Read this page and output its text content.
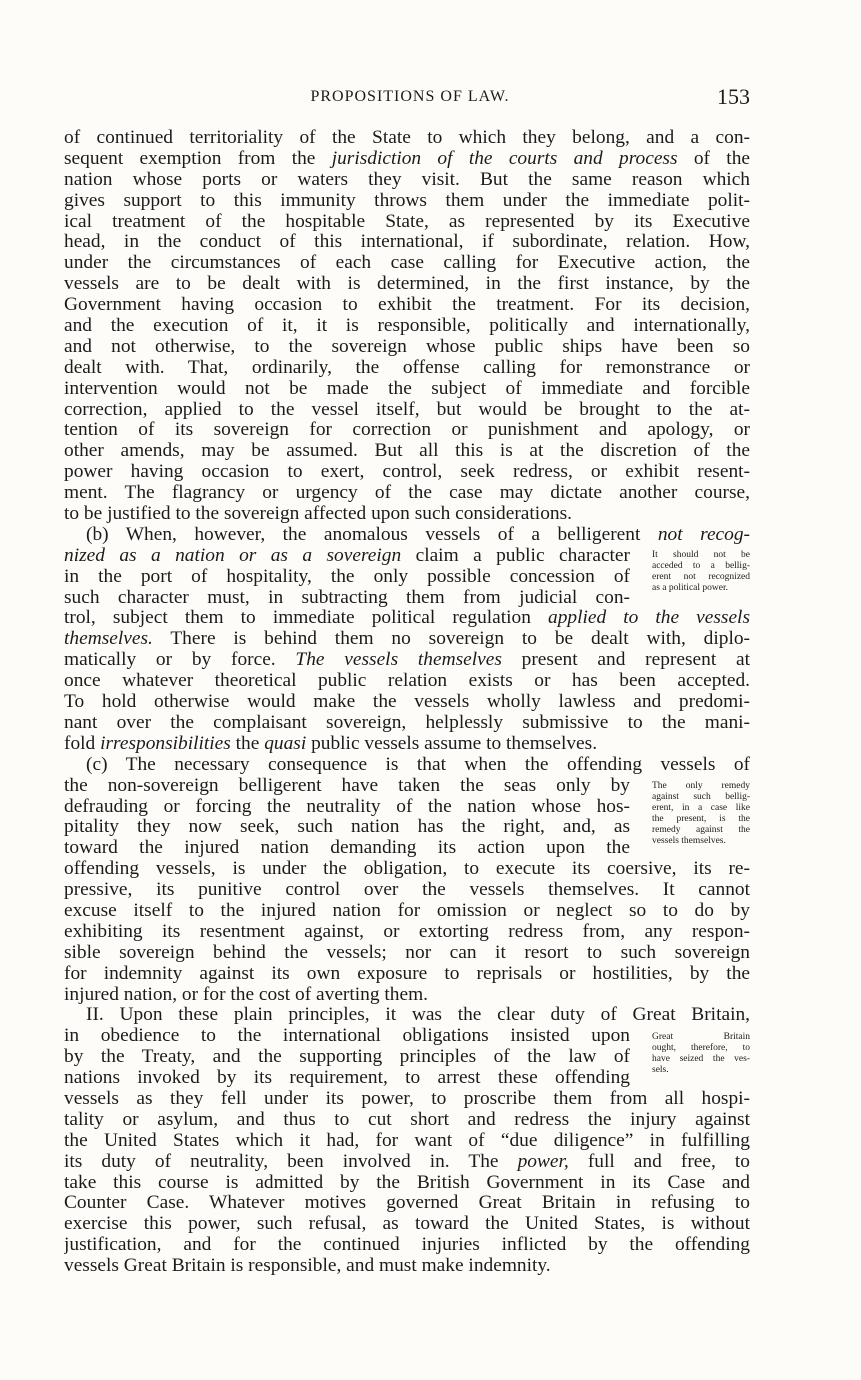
PROPOSITIONS OF LAW.	153
of continued territoriality of the State to which they belong, and a con-
sequent exemption from the jurisdiction of the courts and process of the
nation whose ports or waters they visit. But the same reason which
gives support to this immunity throws them under the immediate polit-
ical treatment of the hospitable State, as represented by its Executive
head, in the conduct of this international, if subordinate, relation. How,
under the circumstances of each case calling for Executive action, the
vessels are to be dealt with is determined, in the first instance, by the
Government having occasion to exhibit the treatment. For its decision,
and the execution of it, it is responsible, politically and internationally,
and not otherwise, to the sovereign whose public ships have been so
dealt with. That, ordinarily, the offense calling for remonstrance or
intervention would not be made the subject of immediate and forcible
correction, applied to the vessel itself, but would be brought to the at-
tention of its sovereign for correction or punishment and apology, or
other amends, may be assumed. But all this is at the discretion of the
power having occasion to exert, control, seek redress, or exhibit resent-
ment. The flagrancy or urgency of the case may dictate another course,
to be justified to the sovereign affected upon such considerations.
(b) When, however, the anomalous vessels of a belligerent not recog-
nized as a nation or as a sovereign claim a public character
in the port of hospitality, the only possible concession of
such character must, in subtracting them from judicial con-
It should not be
acceded to a bellig-
erent not recognized
as a political power.
trol, subject them to immediate political regulation applied to the vessels
themselves. There is behind them no sovereign to be dealt with, diplo-
matically or by force. The vessels themselves present and represent at
once whatever theoretical public relation exists or has been accepted.
To hold otherwise would make the vessels wholly lawless and predomi-
nant over the complaisant sovereign, helplessly submissive to the mani-
fold irresponsibilities the quasi public vessels assume to themselves.
(c) The necessary consequence is that when the offending vessels of
the non-sovereign belligerent have taken the seas only by
defrauding or forcing the neutrality of the nation whose hos-
pitality they now seek, such nation has the right, and, as
toward the injured nation demanding its action upon the
The only remedy
against such bellig-
erent, in a case like
the present, is the
remedy against the
vessels themselves.
offending vessels, is under the obligation, to execute its coersive, its re-
pressive, its punitive control over the vessels themselves. It cannot
excuse itself to the injured nation for omission or neglect so to do by
exhibiting its resentment against, or extorting redress from, any respon-
sible sovereign behind the vessels; nor can it resort to such sovereign
for indemnity against its own exposure to reprisals or hostilities, by the
injured nation, or for the cost of averting them.
II. Upon these plain principles, it was the clear duty of Great Britain,
in obedience to the international obligations insisted upon
by the Treaty, and the supporting principles of the law of
nations invoked by its requirement, to arrest these offending
Great Britain
ought, therefore, to
have seized the ves-
sels.
vessels as they fell under its power, to proscribe them from all hospi-
tality or asylum, and thus to cut short and redress the injury against
the United States which it had, for want of “due diligence” in fulfilling
its duty of neutrality, been involved in. The power, full and free, to
take this course is admitted by the British Government in its Case and
Counter Case. Whatever motives governed Great Britain in refusing to
exercise this power, such refusal, as toward the United States, is without
justification, and for the continued injuries inflicted by the offending
vessels Great Britain is responsible, and must make indemnity.
